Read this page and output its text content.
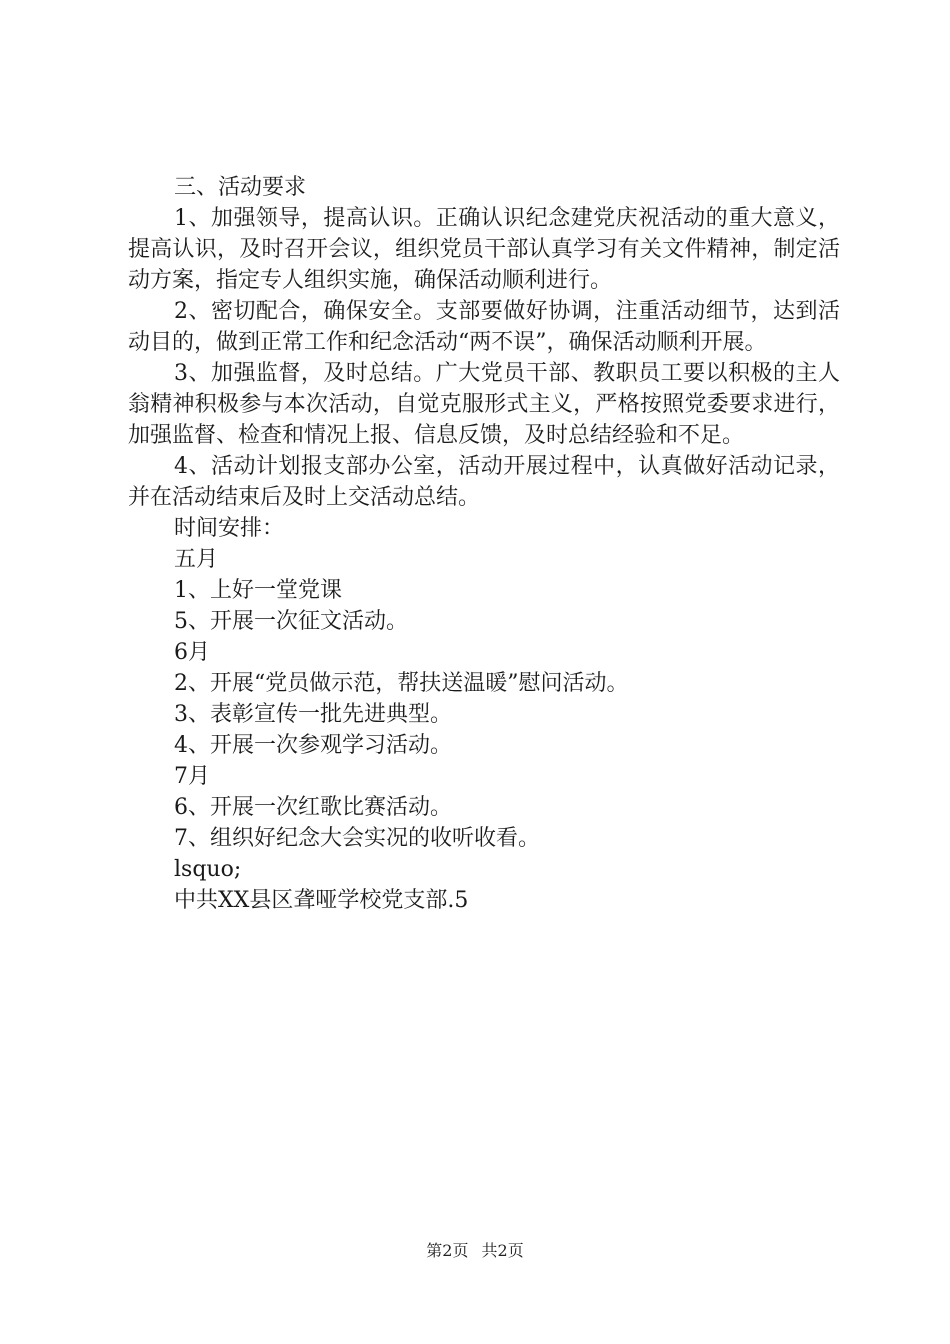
三、活动要求

1、加强领导，提高认识。正确认识纪念建党庆祝活动的重大意义，提高认识，及时召开会议，组织党员干部认真学习有关文件精神，制定活动方案，指定专人组织实施，确保活动顺利进行。

2、密切配合，确保安全。支部要做好协调，注重活动细节，达到活动目的，做到正常工作和纪念活动“两不误”，确保活动顺利开展。

3、加强监督，及时总结。广大党员干部、教职员工要以积极的主人翁精神积极参与本次活动，自觉克服形式主义，严格按照党委要求进行，加强监督、检查和情况上报、信息反馈，及时总结经验和不足。

4、活动计划报支部办公室，活动开展过程中，认真做好活动记录，并在活动结束后及时上交活动总结。

时间安排：

五月

1、上好一堂党课

5、开展一次征文活动。

6月

2、开展“党员做示范，帮扶送温暖”慰问活动。

3、表彰宣传一批先进典型。

4、开展一次参观学习活动。

7月

6、开展一次红歌比赛活动。

7、组织好纪念大会实况的收听收看。

lsquo;

中共XX县区聋哑学校党支部.5

第2页 共2页
